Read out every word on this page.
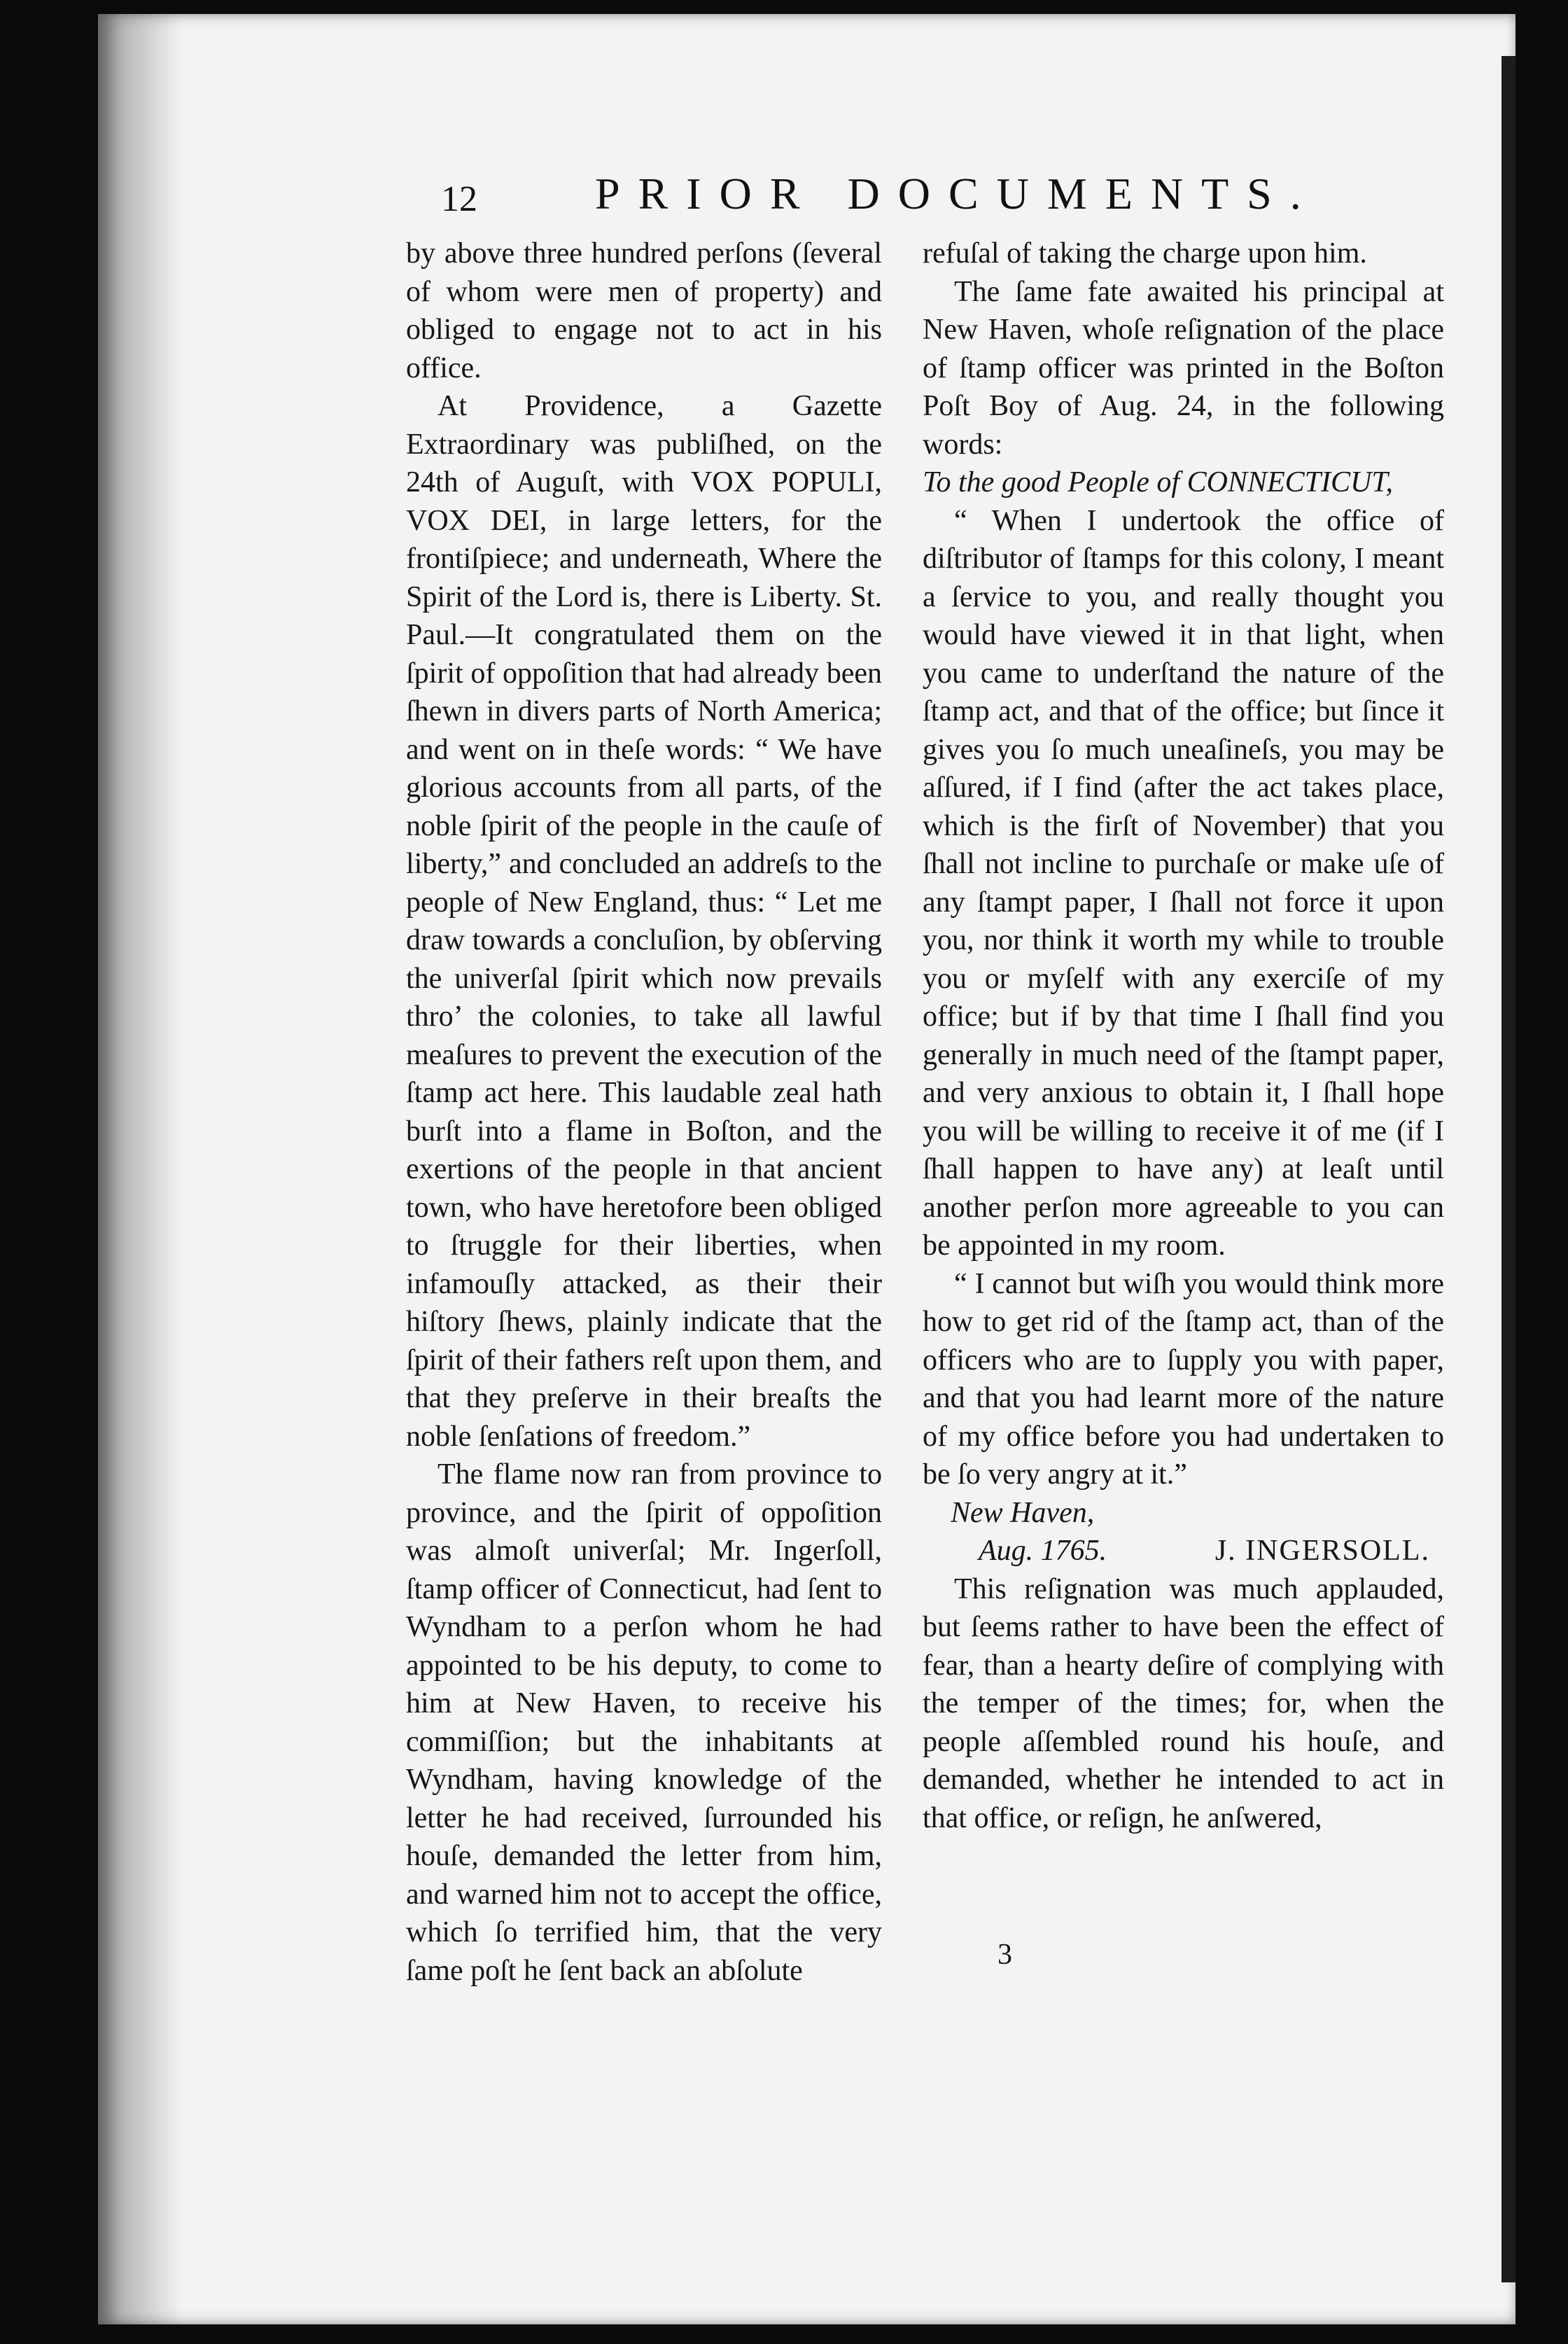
12	PRIOR DOCUMENTS.

by above three hundred perſons (ſeveral of whom were men of property) and obliged to engage not to act in his office.

At Providence, a Gazette Extraordinary was publiſhed, on the 24th of Auguſt, with VOX POPULI, VOX DEI, in large letters, for the frontiſpiece; and underneath, Where the Spirit of the Lord is, there is Liberty. St. Paul.—It congratulated them on the ſpirit of oppoſition that had already been ſhewn in divers parts of North America; and went on in theſe words: “ We have glorious accounts from all parts, of the noble ſpirit of the people in the cauſe of liberty,” and concluded an addreſs to the people of New England, thus: “ Let me draw towards a concluſion, by obſerving the univerſal ſpirit which now prevails thro’ the colonies, to take all lawful meaſures to prevent the execution of the ſtamp act here. This laudable zeal hath burſt into a flame in Boſton, and the exertions of the people in that ancient town, who have heretofore been obliged to ſtruggle for their liberties, when infamouſly attacked, as their their hiſtory ſhews, plainly indicate that the ſpirit of their fathers reſt upon them, and that they preſerve in their breaſts the noble ſenſations of freedom.”

The flame now ran from province to province, and the ſpirit of oppoſition was almoſt univerſal; Mr. Ingerſoll, ſtamp officer of Connecticut, had ſent to Wyndham to a perſon whom he had appointed to be his deputy, to come to him at New Haven, to receive his commiſſion; but the inhabitants at Wyndham, having knowledge of the letter he had received, ſurrounded his houſe, demanded the letter from him, and warned him not to accept the office, which ſo terrified him, that the very ſame poſt he ſent back an abſolute

refuſal of taking the charge upon him.

The ſame fate awaited his principal at New Haven, whoſe reſignation of the place of ſtamp officer was printed in the Boſton Poſt Boy of Aug. 24, in the following words:

To the good People of CONNECTICUT,

“ When I undertook the office of diſtributor of ſtamps for this colony, I meant a ſervice to you, and really thought you would have viewed it in that light, when you came to underſtand the nature of the ſtamp act, and that of the office; but ſince it gives you ſo much uneaſineſs, you may be aſſured, if I find (after the act takes place, which is the firſt of November) that you ſhall not incline to purchaſe or make uſe of any ſtampt paper, I ſhall not force it upon you, nor think it worth my while to trouble you or myſelf with any exerciſe of my office; but if by that time I ſhall find you generally in much need of the ſtampt paper, and very anxious to obtain it, I ſhall hope you will be willing to receive it of me (if I ſhall happen to have any) at leaſt until another perſon more agreeable to you can be appointed in my room.

“ I cannot but wiſh you would think more how to get rid of the ſtamp act, than of the officers who are to ſupply you with paper, and that you had learnt more of the nature of my office before you had undertaken to be ſo very angry at it.”

New Haven,
Aug. 1765.	J. INGERSOLL.

This reſignation was much applauded, but ſeems rather to have been the effect of fear, than a hearty deſire of complying with the temper of the times; for, when the people aſſembled round his houſe, and demanded, whether he intended to act in that office, or reſign, he anſwered,

3
